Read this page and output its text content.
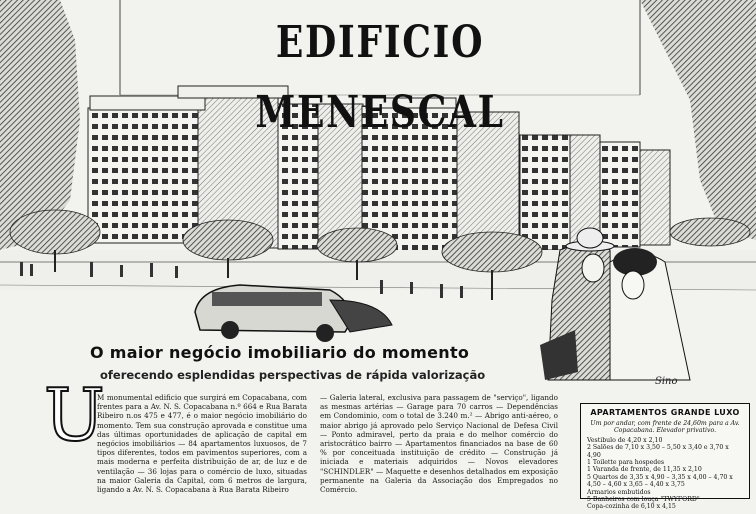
EDIFICIO MENESCAL
Sino
O maior negócio imobiliario do momento
oferecendo esplendidas perspectivas de rápida valorização
U
M monumental edificio que surgirá em Copacabana, com frentes para a Av. N. S. Copacabana n.º 664 e Rua Barata Ribeiro n.os 475 e 477, é o maior negócio imobiliário do momento. Tem sua construção aprovada e constitue uma das últimas oportunidades de aplicação de capital em negócios imobiliários — 84 apartamentos luxuosos, de 7 tipos diferentes, todos em pavimentos superiores, com a mais moderna e perfeita distribuição de ar, de luz e de ventilação — 36 lojas para o comércio de luxo, situadas na maior Galeria da Capital, com 6 metros de largura, ligando a Av. N. S. Copacabana à Rua Barata Ribeiro
— Galeria lateral, exclusiva para passagem de "serviço", ligando as mesmas artérias — Garage para 70 carros — Dependências em Condominio, com o total de 3.240 m.² — Abrigo anti-aéreo, o maior abrigo já aprovado pelo Serviço Nacional de Defesa Civil — Ponto admiravel, perto da praia e do melhor comércio do aristocrático bairro — Apartamentos financiados na base de 60 % por conceituada instituição de crédito — Construção já iniciada e materiais adquiridos — Novos elevadores "SCHINDLER" — Maquette e desenhos detalhados em exposição permanente na Galeria da Associação dos Empregados no Comércio.
APARTAMENTOS GRANDE LUXO
Um por andar, com frente de 24,60m para a Av. Copacabana. Elevador privativo.
Vestibulo de 4,20 x 2,10
2 Salões de 7,10 x 3,50 – 5,50 x 3,40 e 3,70 x 4,90
1 Toilette para hospedes
1 Varanda de frente, de 11,35 x 2,10
5 Quartos de 3,35 x 4,90 – 3,35 x 4,00 – 4,70 x 4,50 – 4,60 x 3,65 – 4,40 x 3,75
Armarios embutidos
5 Banheiros com louça "TWYFORD"
Copa-cozinha de 6,10 x 4,15
